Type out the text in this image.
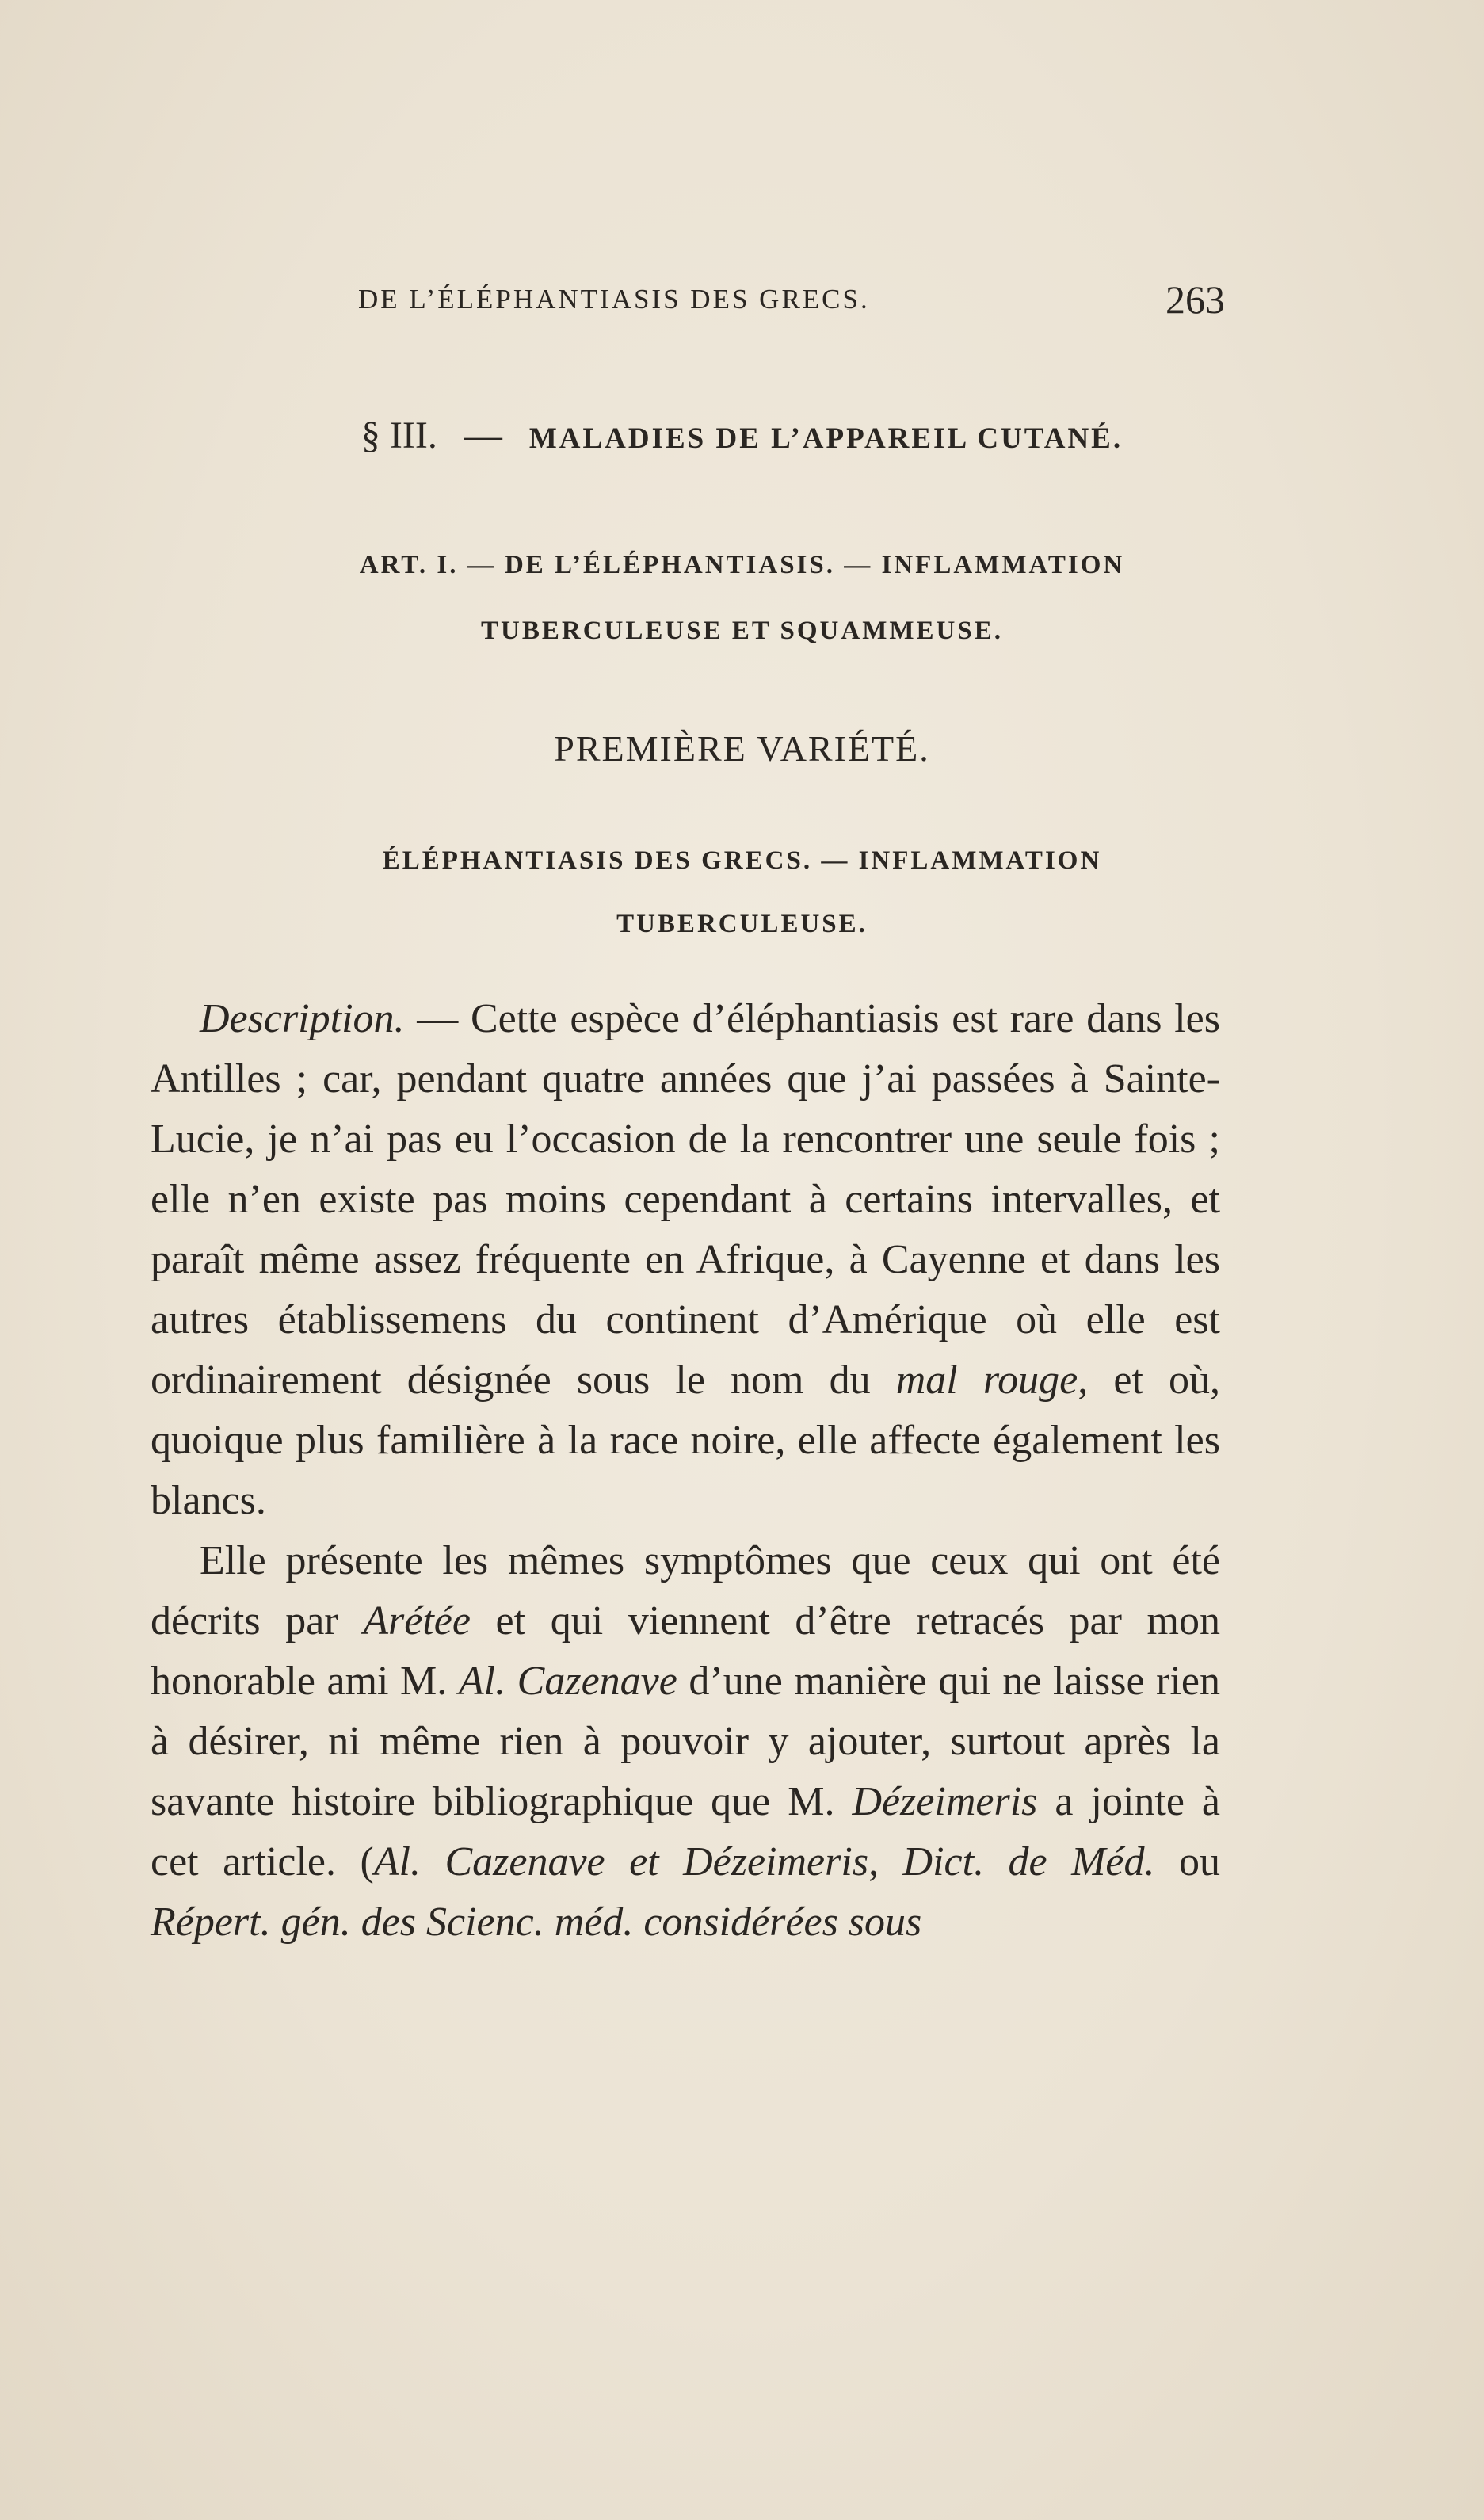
DE L’ÉLÉPHANTIASIS DES GRECS.	263
§ III. — MALADIES DE L’APPAREIL CUTANÉ.
ART. I. — DE L’ÉLÉPHANTIASIS. — INFLAMMATION
TUBERCULEUSE ET SQUAMMEUSE.
PREMIÈRE VARIÉTÉ.
ÉLÉPHANTIASIS DES GRECS. — INFLAMMATION
TUBERCULEUSE.

Description. — Cette espèce d’éléphantiasis est rare dans les Antilles ; car, pendant quatre années que j’ai passées à Sainte-Lucie, je n’ai pas eu l’occasion de la rencontrer une seule fois ; elle n’en existe pas moins cependant à certains intervalles, et paraît même assez fréquente en Afrique, à Cayenne et dans les autres établissemens du continent d’Amérique où elle est ordinairement désignée sous le nom du mal rouge, et où, quoique plus familière à la race noire, elle affecte également les blancs.

Elle présente les mêmes symptômes que ceux qui ont été décrits par Arétée et qui viennent d’être retracés par mon honorable ami M. Al. Cazenave d’une manière qui ne laisse rien à désirer, ni même rien à pouvoir y ajouter, surtout après la savante histoire bibliographique que M. Dézeimeris a jointe à cet article. (Al. Cazenave et Dézeimeris, Dict. de Méd. ou Répert. gén. des Scienc. méd. considérées sous
